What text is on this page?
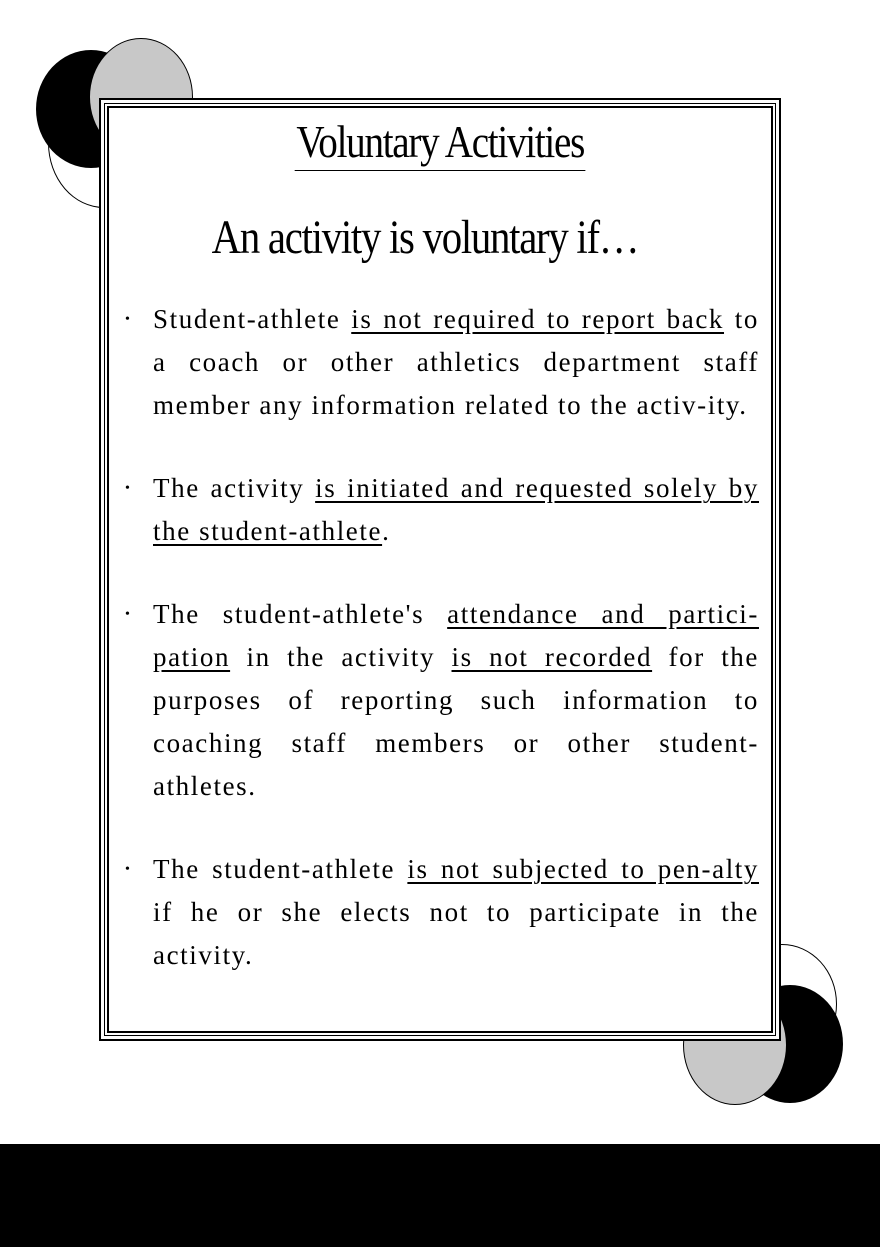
Voluntary Activities
An activity is voluntary if…
• Student-athlete is not required to report back to a coach or other athletics department staff member any information related to the activ-ity.
• The activity is initiated and requested solely by the student-athlete.
• The student-athlete's attendance and partici-pation in the activity is not recorded for the purposes of reporting such information to coaching staff members or other student-athletes.
• The student-athlete is not subjected to pen-alty if he or she elects not to participate in the activity.
